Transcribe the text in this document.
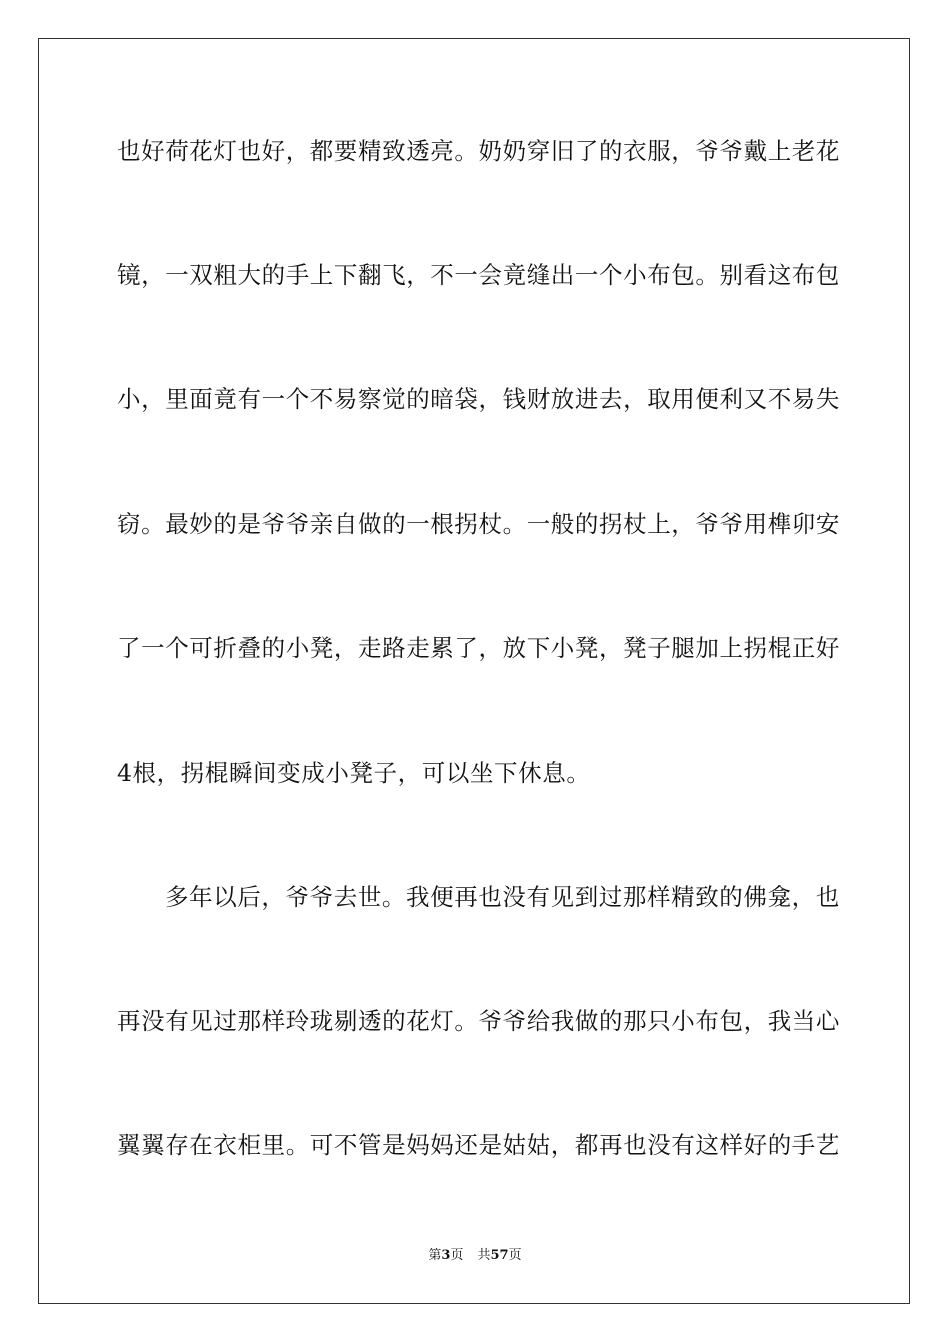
也好荷花灯也好，都要精致透亮。奶奶穿旧了的衣服，爷爷戴上老花

镜，一双粗大的手上下翻飞，不一会竟缝出一个小布包。别看这布包

小，里面竟有一个不易察觉的暗袋，钱财放进去，取用便利又不易失

窃。最妙的是爷爷亲自做的一根拐杖。一般的拐杖上，爷爷用榫卯安

了一个可折叠的小凳，走路走累了，放下小凳，凳子腿加上拐棍正好

4根，拐棍瞬间变成小凳子，可以坐下休息。

多年以后，爷爷去世。我便再也没有见到过那样精致的佛龛，也

再没有见过那样玲珑剔透的花灯。爷爷给我做的那只小布包，我当心

翼翼存在衣柜里。可不管是妈妈还是姑姑，都再也没有这样好的手艺

第3页 共57页
